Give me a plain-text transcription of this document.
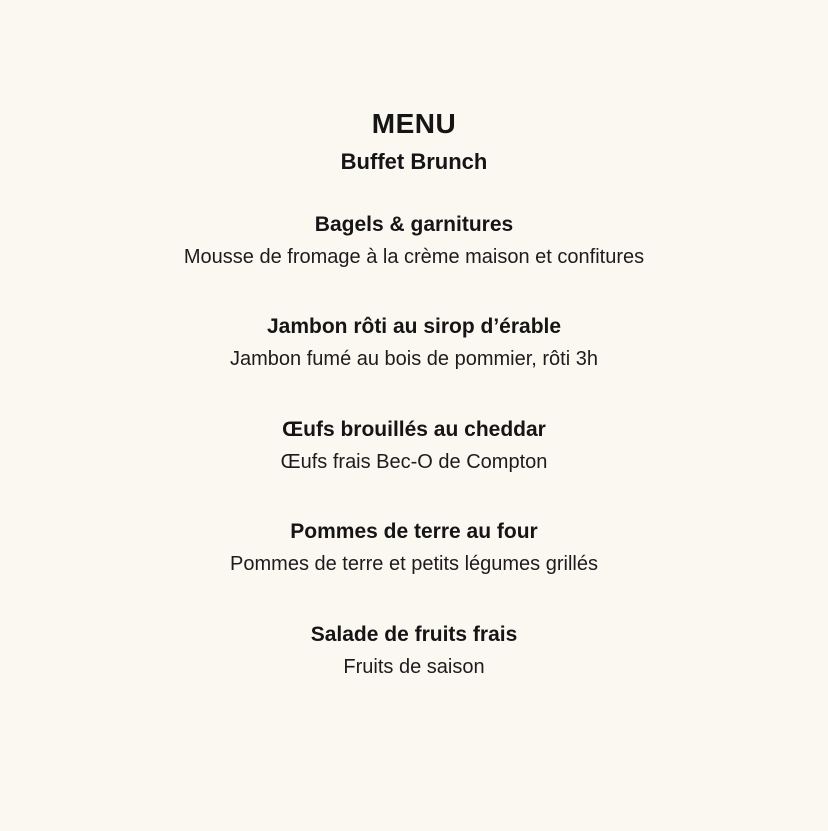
MENU
Buffet Brunch
Bagels & garnitures
Mousse de fromage à la crème maison et confitures
Jambon rôti au sirop d’érable
Jambon fumé au bois de pommier, rôti 3h
Œufs brouillés au cheddar
Œufs frais Bec-O de Compton
Pommes de terre au four
Pommes de terre et petits légumes grillés
Salade de fruits frais
Fruits de saison
